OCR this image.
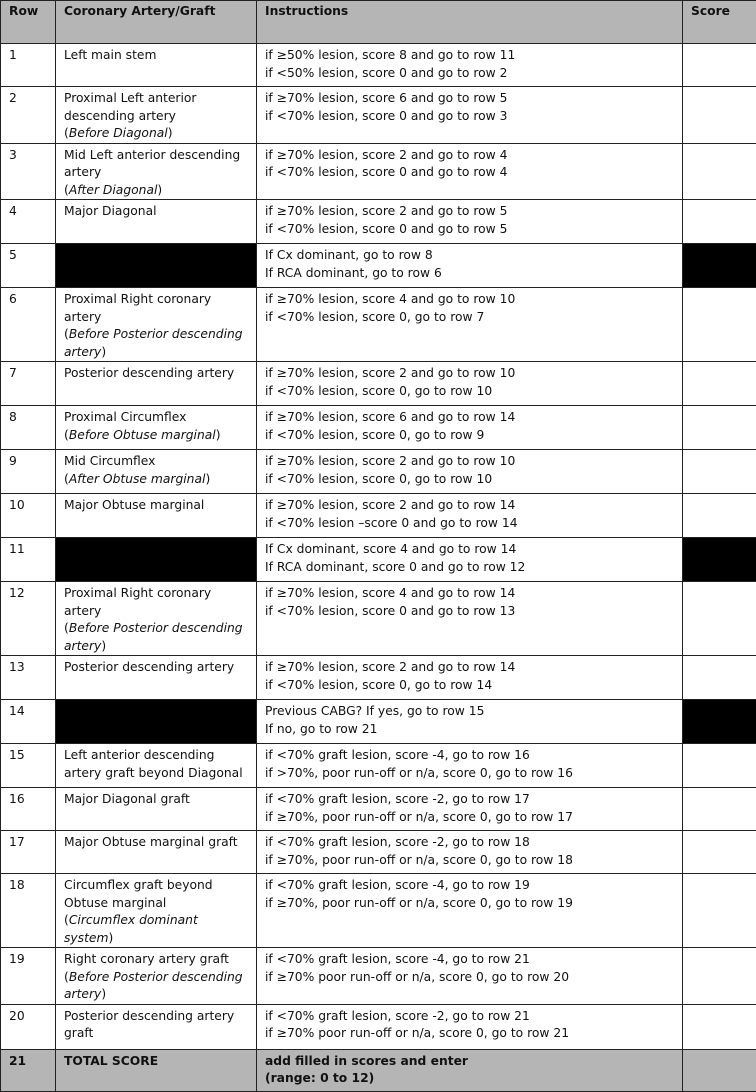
Row	Coronary Artery/Graft	Instructions	Score
1	Left main stem	if ≥50% lesion, score 8 and go to row 11
if <50% lesion, score 0 and go to row 2	

2	Proximal Left anterior descending artery
(Before Diagonal)	if ≥70% lesion, score 6 and go to row 5
if <70% lesion, score 0 and go to row 3	

3	Mid Left anterior descending artery
(After Diagonal)	if ≥70% lesion, score 2 and go to row 4
if <70% lesion, score 0 and go to row 4	

4	Major Diagonal	if ≥70% lesion, score 2 and go to row 5
if <70% lesion, score 0 and go to row 5	

5		If Cx dominant, go to row 8
If RCA dominant, go to row 6	

6	Proximal Right coronary artery
(Before Posterior descending artery)	if ≥70% lesion, score 4 and go to row 10
if <70% lesion, score 0, go to row 7	

7	Posterior descending artery	if ≥70% lesion, score 2 and go to row 10
if <70% lesion, score 0, go to row 10	

8	Proximal Circumflex
(Before Obtuse marginal)	if ≥70% lesion, score 6 and go to row 14
if <70% lesion, score 0, go to row 9	

9	Mid Circumflex
(After Obtuse marginal)	if ≥70% lesion, score 2 and go to row 10
if <70% lesion, score 0, go to row 10	

10	Major Obtuse marginal	if ≥70% lesion, score 2 and go to row 14
if <70% lesion –score 0 and go to row 14	

11		If Cx dominant, score 4 and go to row 14
If RCA dominant, score 0 and go to row 12	

12	Proximal Right coronary artery
(Before Posterior descending artery)	if ≥70% lesion, score 4 and go to row 14
if <70% lesion, score 0 and go to row 13	

13	Posterior descending artery	if ≥70% lesion, score 2 and go to row 14
if <70% lesion, score 0, go to row 14	

14		Previous CABG? If yes, go to row 15
If no, go to row 21	

15	Left anterior descending artery graft beyond Diagonal	if <70% graft lesion, score -4, go to row 16
if >70%, poor run-off or n/a, score 0, go to row 16	

16	Major Diagonal graft	if <70% graft lesion, score -2, go to row 17
if ≥70%, poor run-off or n/a, score 0, go to row 17	

17	Major Obtuse marginal graft	if <70% graft lesion, score -2, go to row 18
if ≥70%, poor run-off or n/a, score 0, go to row 18	

18	Circumflex graft beyond Obtuse marginal
(Circumflex dominant system)	if <70% graft lesion, score -4, go to row 19
if ≥70%, poor run-off or n/a, score 0, go to row 19	

19	Right coronary artery graft
(Before Posterior descending artery)	if <70% graft lesion, score -4, go to row 21
if ≥70% poor run-off or n/a, score 0, go to row 20	

20	Posterior descending artery graft	if <70% graft lesion, score -2, go to row 21
if ≥70% poor run-off or n/a, score 0, go to row 21	

21	TOTAL SCORE	add filled in scores and enter
(range: 0 to 12)	
